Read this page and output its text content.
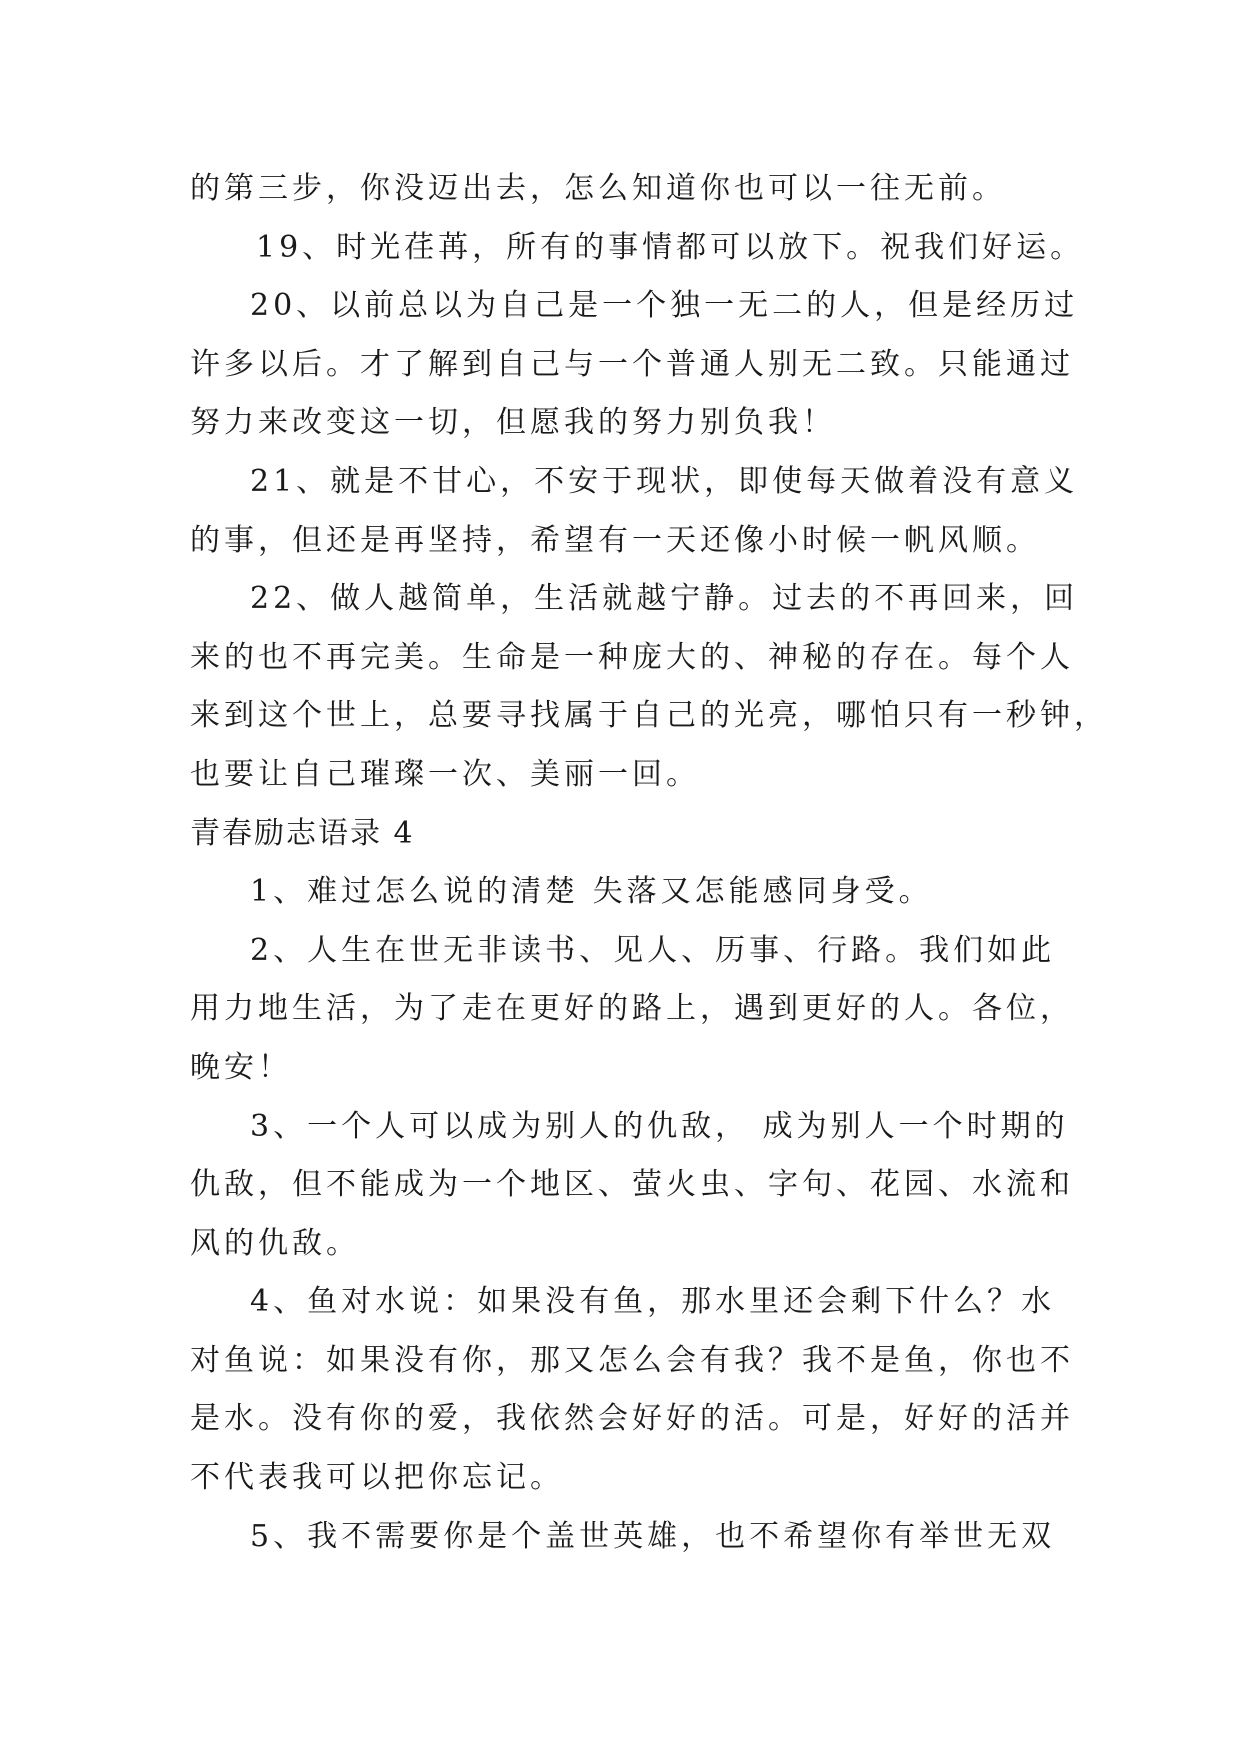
的第三步，你没迈出去，怎么知道你也可以一往无前。
19、时光荏苒，所有的事情都可以放下。祝我们好运。
20、以前总以为自己是一个独一无二的人，但是经历过
许多以后。才了解到自己与一个普通人别无二致。只能通过
努力来改变这一切，但愿我的努力别负我！
21、就是不甘心，不安于现状，即使每天做着没有意义
的事，但还是再坚持，希望有一天还像小时候一帆风顺。
22、做人越简单，生活就越宁静。过去的不再回来，回
来的也不再完美。生命是一种庞大的、神秘的存在。每个人
来到这个世上，总要寻找属于自己的光亮，哪怕只有一秒钟，
也要让自己璀璨一次、美丽一回。
青春励志语录 4
1、难过怎么说的清楚 失落又怎能感同身受。
2、人生在世无非读书、见人、历事、行路。我们如此
用力地生活，为了走在更好的路上，遇到更好的人。各位，
晚安！
3、一个人可以成为别人的仇敌， 成为别人一个时期的
仇敌，但不能成为一个地区、萤火虫、字句、花园、水流和
风的仇敌。
4、鱼对水说：如果没有鱼，那水里还会剩下什么？水
对鱼说：如果没有你，那又怎么会有我？我不是鱼，你也不
是水。没有你的爱，我依然会好好的活。可是，好好的活并
不代表我可以把你忘记。
5、我不需要你是个盖世英雄，也不希望你有举世无双
